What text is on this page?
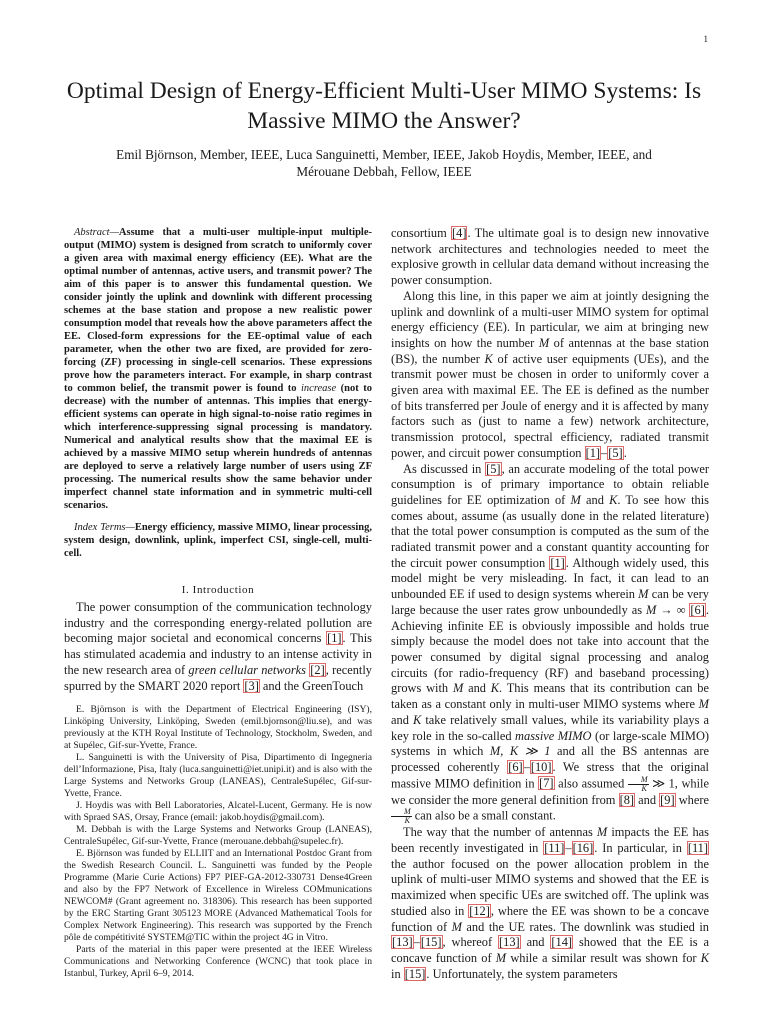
1
Optimal Design of Energy-Efficient Multi-User MIMO Systems: Is Massive MIMO the Answer?
Emil Björnson, Member, IEEE, Luca Sanguinetti, Member, IEEE, Jakob Hoydis, Member, IEEE, and
Mérouane Debbah, Fellow, IEEE

Abstract—Assume that a multi-user multiple-input multiple-output (MIMO) system is designed from scratch to uniformly cover a given area with maximal energy efficiency (EE). What are the optimal number of antennas, active users, and transmit power? The aim of this paper is to answer this fundamental question. We consider jointly the uplink and downlink with different processing schemes at the base station and propose a new realistic power consumption model that reveals how the above parameters affect the EE. Closed-form expressions for the EE-optimal value of each parameter, when the other two are fixed, are provided for zero-forcing (ZF) processing in single-cell scenarios. These expressions prove how the parameters interact. For example, in sharp contrast to common belief, the transmit power is found to increase (not to decrease) with the number of antennas. This implies that energy-efficient systems can operate in high signal-to-noise ratio regimes in which interference-suppressing signal processing is mandatory. Numerical and analytical results show that the maximal EE is achieved by a massive MIMO setup wherein hundreds of antennas are deployed to serve a relatively large number of users using ZF processing. The numerical results show the same behavior under imperfect channel state information and in symmetric multi-cell scenarios.

Index Terms—Energy efficiency, massive MIMO, linear processing, system design, downlink, uplink, imperfect CSI, single-cell, multi-cell.

I. Introduction

The power consumption of the communication technology industry and the corresponding energy-related pollution are becoming major societal and economical concerns [1]. This has stimulated academia and industry to an intense activity in the new research area of green cellular networks [2], recently spurred by the SMART 2020 report [3] and the GreenTouch

E. Björnson is with the Department of Electrical Engineering (ISY), Linköping University, Linköping, Sweden (emil.bjornson@liu.se), and was previously at the KTH Royal Institute of Technology, Stockholm, Sweden, and at Supélec, Gif-sur-Yvette, France.

L. Sanguinetti is with the University of Pisa, Dipartimento di Ingegneria dell’Informazione, Pisa, Italy (luca.sanguinetti@iet.unipi.it) and is also with the Large Systems and Networks Group (LANEAS), CentraleSupélec, Gif-sur-Yvette, France.

J. Hoydis was with Bell Laboratories, Alcatel-Lucent, Germany. He is now with Spraed SAS, Orsay, France (email: jakob.hoydis@gmail.com).

M. Debbah is with the Large Systems and Networks Group (LANEAS), CentraleSupélec, Gif-sur-Yvette, France (merouane.debbah@supelec.fr).

E. Björnson was funded by ELLIIT and an International Postdoc Grant from the Swedish Research Council. L. Sanguinetti was funded by the People Programme (Marie Curie Actions) FP7 PIEF-GA-2012-330731 Dense4Green and also by the FP7 Network of Excellence in Wireless COMmunications NEWCOM# (Grant agreement no. 318306). This research has been supported by the ERC Starting Grant 305123 MORE (Advanced Mathematical Tools for Complex Network Engineering). This research was supported by the French pôle de compétitivité SYSTEM@TIC within the project 4G in Vitro.

Parts of the material in this paper were presented at the IEEE Wireless Communications and Networking Conference (WCNC) that took place in Istanbul, Turkey, April 6–9, 2014.

consortium [4]. The ultimate goal is to design new innovative network architectures and technologies needed to meet the explosive growth in cellular data demand without increasing the power consumption.

Along this line, in this paper we aim at jointly designing the uplink and downlink of a multi-user MIMO system for optimal energy efficiency (EE). In particular, we aim at bringing new insights on how the number M of antennas at the base station (BS), the number K of active user equipments (UEs), and the transmit power must be chosen in order to uniformly cover a given area with maximal EE. The EE is defined as the number of bits transferred per Joule of energy and it is affected by many factors such as (just to name a few) network architecture, transmission protocol, spectral efficiency, radiated transmit power, and circuit power consumption [1]–[5].

As discussed in [5], an accurate modeling of the total power consumption is of primary importance to obtain reliable guidelines for EE optimization of M and K. To see how this comes about, assume (as usually done in the related literature) that the total power consumption is computed as the sum of the radiated transmit power and a constant quantity accounting for the circuit power consumption [1]. Although widely used, this model might be very misleading. In fact, it can lead to an unbounded EE if used to design systems wherein M can be very large because the user rates grow unboundedly as M → ∞ [6]. Achieving infinite EE is obviously impossible and holds true simply because the model does not take into account that the power consumed by digital signal processing and analog circuits (for radio-frequency (RF) and baseband processing) grows with M and K. This means that its contribution can be taken as a constant only in multi-user MIMO systems where M and K take relatively small values, while its variability plays a key role in the so-called massive MIMO (or large-scale MIMO) systems in which M, K ≫ 1 and all the BS antennas are processed coherently [6]–[10]. We stress that the original massive MIMO definition in [7] also assumed $\frac{M}{K}$ ≫ 1, while we consider the more general definition from [8] and [9] where
$\frac{M}{K}$ can also be a small constant.

The way that the number of antennas M impacts the EE has been recently investigated in [11]–[16]. In particular, in [11] the author focused on the power allocation problem in the uplink of multi-user MIMO systems and showed that the EE is maximized when specific UEs are switched off. The uplink was studied also in [12], where the EE was shown to be a concave function of M and the UE rates. The downlink was studied in [13]–[15], whereof [13] and [14] showed that the EE is a concave function of M while a similar result was shown for K in [15]. Unfortunately, the system parameters
